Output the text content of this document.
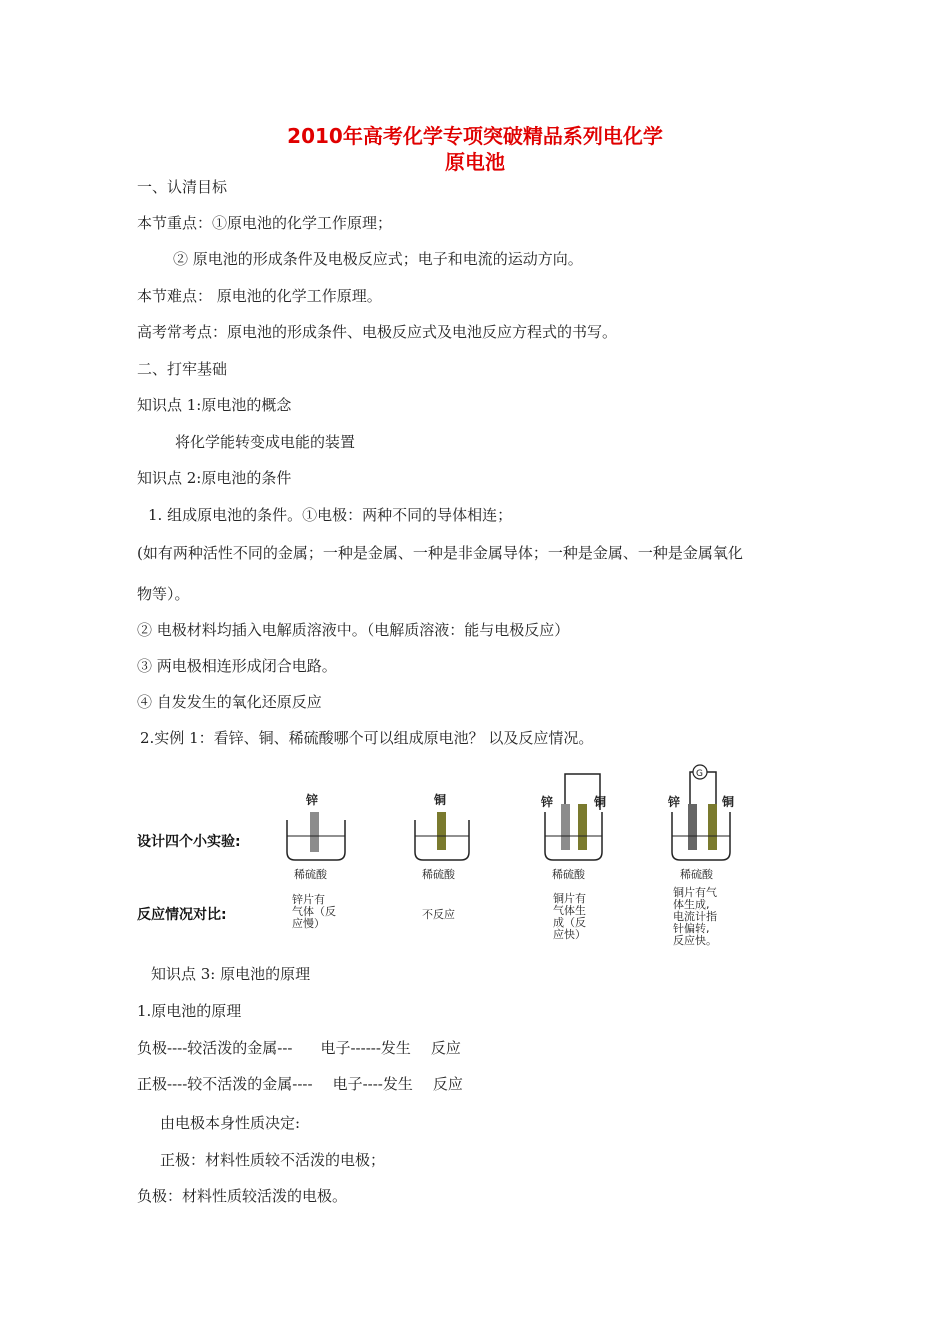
2010年高考化学专项突破精品系列电化学
原电池
一、认清目标
本节重点：①原电池的化学工作原理；
② 原电池的形成条件及电极反应式；电子和电流的运动方向。
本节难点： 原电池的化学工作原理。
高考常考点：原电池的形成条件、电极反应式及电池反应方程式的书写。
二、打牢基础
知识点 1:原电池的概念
将化学能转变成电能的装置
知识点 2:原电池的条件
1. 组成原电池的条件。①电极：两种不同的导体相连；
(如有两种活性不同的金属；一种是金属、一种是非金属导体；一种是金属、一种是金属氧化
物等）。
② 电极材料均插入电解质溶液中。（电解质溶液：能与电极反应）
③ 两电极相连形成闭合电路。
④ 自发发生的氧化还原反应
2.实例 1：看锌、铜、稀硫酸哪个可以组成原电池？ 以及反应情况。
设计四个小实验:
反应情况对比:
锌
稀硫酸
铜
稀硫酸
锌	铜
稀硫酸
G
锌	铜
稀硫酸
锌片有
气体（反
应慢）
不反应
铜片有
气体生
成（反
应快）
铜片有气
体生成,
电流计指
针偏转,
反应快。
知识点 3: 原电池的原理
1.原电池的原理
负极----较活泼的金属--- 电子------发生 反应
正极----较不活泼的金属---- 电子----发生 反应
由电极本身性质决定:
正极：材料性质较不活泼的电极；
负极：材料性质较活泼的电极。
